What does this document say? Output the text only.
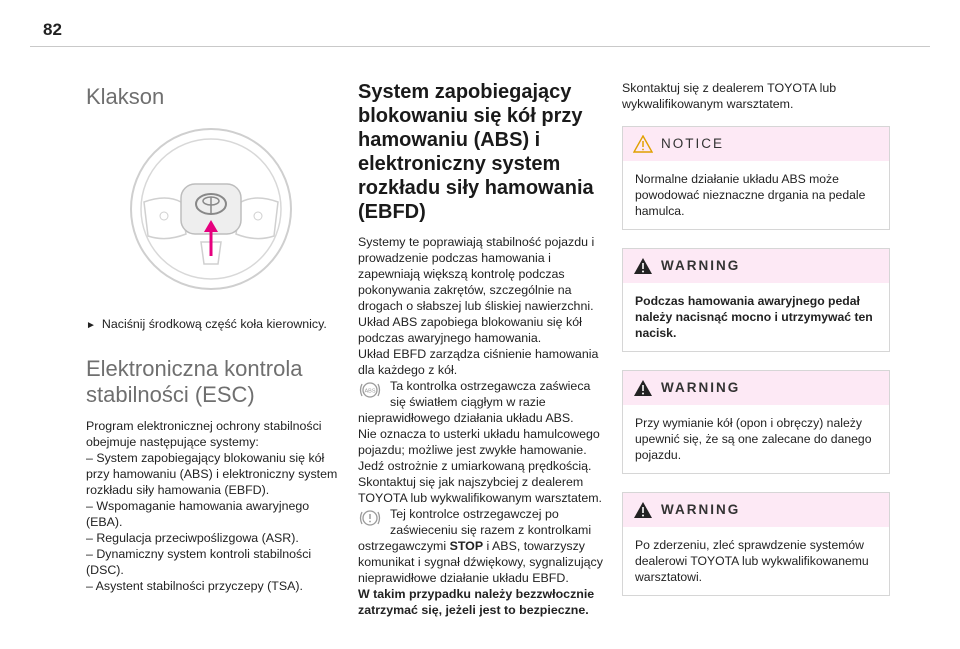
82
Klakson

► Naciśnij środkową część koła kierownicy.

Elektroniczna kontrola
stabilności (ESC)

Program elektronicznej ochrony stabilności obejmuje następujące systemy:

– System zapobiegający blokowaniu się kół przy hamowaniu (ABS) i elektroniczny system rozkładu siły hamowania (EBFD).
– Wspomaganie hamowania awaryjnego (EBA).
– Regulacja przeciwpoślizgowa (ASR).
– Dynamiczny system kontroli stabilności (DSC).
– Asystent stabilności przyczepy (TSA).
System zapobiegający blokowaniu się kół przy hamowaniu (ABS) i elektroniczny system rozkładu siły hamowania (EBFD)

Systemy te poprawiają stabilność pojazdu i prowadzenie podczas hamowania i zapewniają większą kontrolę podczas pokonywania zakrętów, szczególnie na drogach o słabszej lub śliskiej nawierzchni.

Układ ABS zapobiega blokowaniu się kół podczas awaryjnego hamowania.

Układ EBFD zarządza ciśnienie hamowania dla każdego z kół.

ABS Ta kontrolka ostrzegawcza zaświeca się światłem ciągłym w razie nieprawidłowego działania układu ABS.

Nie oznacza to usterki układu hamulcowego pojazdu; możliwe jest zwykłe hamowanie. Jedź ostrożnie z umiarkowaną prędkością.

Skontaktuj się jak najszybciej z dealerem TOYOTA lub wykwalifikowanym warsztatem.

Tej kontrolce ostrzegawczej po zaświeceniu się razem z kontrolkami ostrzegawczymi STOP i ABS, towarzyszy komunikat i sygnał dźwiękowy, sygnalizujący nieprawidłowe działanie układu EBFD.

W takim przypadku należy bezzwłocznie zatrzymać się, jeżeli jest to bezpieczne.

Skontaktuj się z dealerem TOYOTA lub wykwalifikowanym warsztatem.

NOTICE
Normalne działanie układu ABS może powodować nieznaczne drgania na pedale hamulca.
WARNING
Podczas hamowania awaryjnego pedał należy nacisnąć mocno i utrzymywać ten nacisk.
WARNING
Przy wymianie kół (opon i obręczy) należy upewnić się, że są one zalecane do danego pojazdu.
WARNING
Po zderzeniu, zleć sprawdzenie systemów dealerowi TOYOTA lub wykwalifikowanemu warsztatowi.
